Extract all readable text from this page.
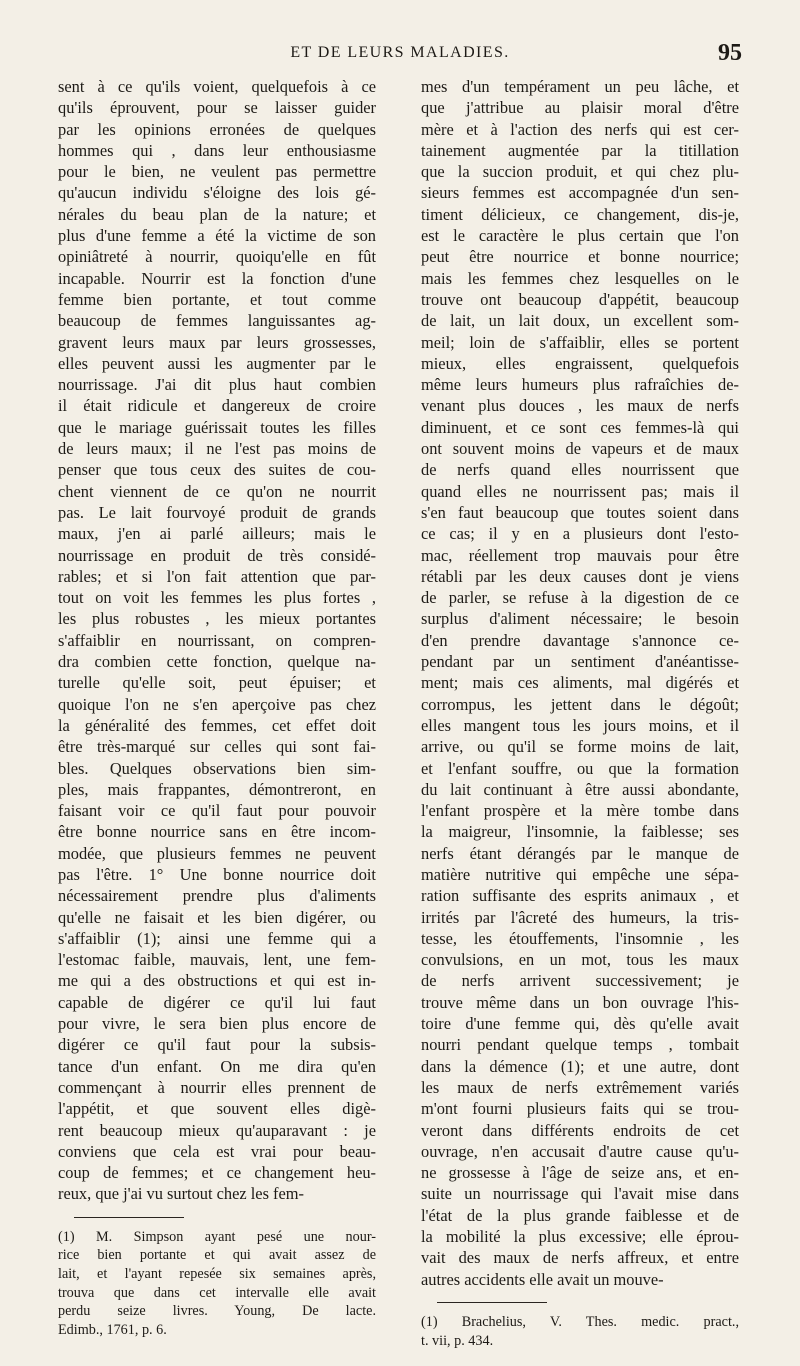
ET DE LEURS MALADIES.	95
sent à ce qu'ils voient, quelquefois à ce
qu'ils éprouvent, pour se laisser guider
par les opinions erronées de quelques
hommes qui , dans leur enthousiasme
pour le bien, ne veulent pas permettre
qu'aucun individu s'éloigne des lois gé-
nérales du beau plan de la nature; et
plus d'une femme a été la victime de son
opiniâtreté à nourrir, quoiqu'elle en fût
incapable. Nourrir est la fonction d'une
femme bien portante, et tout comme
beaucoup de femmes languissantes ag-
gravent leurs maux par leurs grossesses,
elles peuvent aussi les augmenter par le
nourrissage. J'ai dit plus haut combien
il était ridicule et dangereux de croire
que le mariage guérissait toutes les filles
de leurs maux; il ne l'est pas moins de
penser que tous ceux des suites de cou-
chent viennent de ce qu'on ne nourrit
pas. Le lait fourvoyé produit de grands
maux, j'en ai parlé ailleurs; mais le
nourrissage en produit de très considé-
rables; et si l'on fait attention que par-
tout on voit les femmes les plus fortes ,
les plus robustes , les mieux portantes
s'affaiblir en nourrissant, on compren-
dra combien cette fonction, quelque na-
turelle qu'elle soit, peut épuiser; et
quoique l'on ne s'en aperçoive pas chez
la généralité des femmes, cet effet doit
être très-marqué sur celles qui sont fai-
bles. Quelques observations bien sim-
ples, mais frappantes, démontreront, en
faisant voir ce qu'il faut pour pouvoir
être bonne nourrice sans en être incom-
modée, que plusieurs femmes ne peuvent
pas l'être. 1° Une bonne nourrice doit
nécessairement prendre plus d'aliments
qu'elle ne faisait et les bien digérer, ou
s'affaiblir (1); ainsi une femme qui a
l'estomac faible, mauvais, lent, une fem-
me qui a des obstructions et qui est in-
capable de digérer ce qu'il lui faut
pour vivre, le sera bien plus encore de
digérer ce qu'il faut pour la subsis-
tance d'un enfant. On me dira qu'en
commençant à nourrir elles prennent de
l'appétit, et que souvent elles digè-
rent beaucoup mieux qu'auparavant : je
conviens que cela est vrai pour beau-
coup de femmes; et ce changement heu-
reux, que j'ai vu surtout chez les fem-
(1) M. Simpson ayant pesé une nour-
rice bien portante et qui avait assez de
lait, et l'ayant repesée six semaines après,
trouva que dans cet intervalle elle avait
perdu seize livres. Young, De lacte.
Edimb., 1761, p. 6.
mes d'un tempérament un peu lâche, et
que j'attribue au plaisir moral d'être
mère et à l'action des nerfs qui est cer-
tainement augmentée par la titillation
que la succion produit, et qui chez plu-
sieurs femmes est accompagnée d'un sen-
timent délicieux, ce changement, dis-je,
est le caractère le plus certain que l'on
peut être nourrice et bonne nourrice;
mais les femmes chez lesquelles on le
trouve ont beaucoup d'appétit, beaucoup
de lait, un lait doux, un excellent som-
meil; loin de s'affaiblir, elles se portent
mieux, elles engraissent, quelquefois
même leurs humeurs plus rafraîchies de-
venant plus douces , les maux de nerfs
diminuent, et ce sont ces femmes-là qui
ont souvent moins de vapeurs et de maux
de nerfs quand elles nourrissent que
quand elles ne nourrissent pas; mais il
s'en faut beaucoup que toutes soient dans
ce cas; il y en a plusieurs dont l'esto-
mac, réellement trop mauvais pour être
rétabli par les deux causes dont je viens
de parler, se refuse à la digestion de ce
surplus d'aliment nécessaire; le besoin
d'en prendre davantage s'annonce ce-
pendant par un sentiment d'anéantisse-
ment; mais ces aliments, mal digérés et
corrompus, les jettent dans le dégoût;
elles mangent tous les jours moins, et il
arrive, ou qu'il se forme moins de lait,
et l'enfant souffre, ou que la formation
du lait continuant à être aussi abondante,
l'enfant prospère et la mère tombe dans
la maigreur, l'insomnie, la faiblesse; ses
nerfs étant dérangés par le manque de
matière nutritive qui empêche une sépa-
ration suffisante des esprits animaux , et
irrités par l'âcreté des humeurs, la tris-
tesse, les étouffements, l'insomnie , les
convulsions, en un mot, tous les maux
de nerfs arrivent successivement; je
trouve même dans un bon ouvrage l'his-
toire d'une femme qui, dès qu'elle avait
nourri pendant quelque temps , tombait
dans la démence (1); et une autre, dont
les maux de nerfs extrêmement variés
m'ont fourni plusieurs faits qui se trou-
veront dans différents endroits de cet
ouvrage, n'en accusait d'autre cause qu'u-
ne grossesse à l'âge de seize ans, et en-
suite un nourrissage qui l'avait mise dans
l'état de la plus grande faiblesse et de
la mobilité la plus excessive; elle éprou-
vait des maux de nerfs affreux, et entre
autres accidents elle avait un mouve-
(1) Brachelius, V. Thes. medic. pract.,
t. vii, p. 434.
